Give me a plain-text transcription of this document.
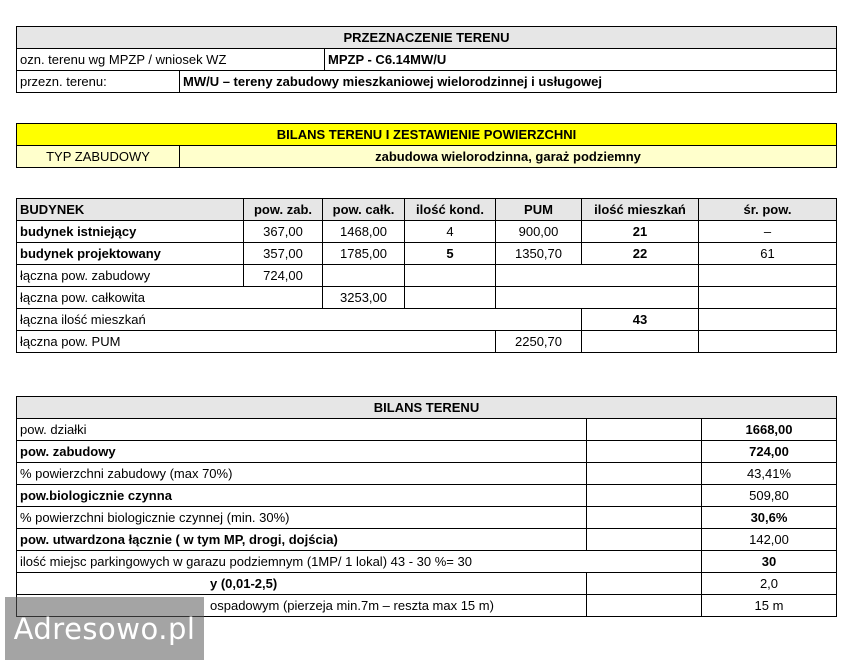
PRZEZNACZENIE TERENU		
ozn. terenu wg MPZP / wniosek WZ		MPZP - C6.14MW/U
przezn. terenu:	MW/U – tereny zabudowy mieszkaniowej wielorodzinnej i usługowej	
BILANS TERENU I ZESTAWIENIE POWIERZCHNI
TYP ZABUDOWY	zabudowa wielorodzinna, garaż podziemny
BUDYNEK	pow. zab.	pow. całk.	ilość kond.	PUM	ilość mieszkań	śr. pow.
budynek istniejący	367,00	1468,00	4	900,00	21	–
budynek projektowany	357,00	1785,00	5	1350,70	22	61
łączna pow. zabudowy	724,00					
łączna pow. całkowita		3253,00				
łączna ilość mieszkań					43	
łączna pow. PUM				2250,70		
BILANS TERENU		
pow. działki		1668,00
pow. zabudowy		724,00
% powierzchni zabudowy (max 70%)		43,41%
pow.biologicznie czynna		509,80
% powierzchni biologicznie czynnej (min. 30%)		30,6%
pow. utwardzona łącznie ( w tym MP, drogi, dojścia)		142,00
ilość miejsc parkingowych w garazu podziemnym (1MP/ 1 lokal) 43 - 30 %= 30		30
y (0,01-2,5)		2,0
ospadowym (pierzeja min.7m – reszta max 15 m)		15 m
Adresowo.pl
